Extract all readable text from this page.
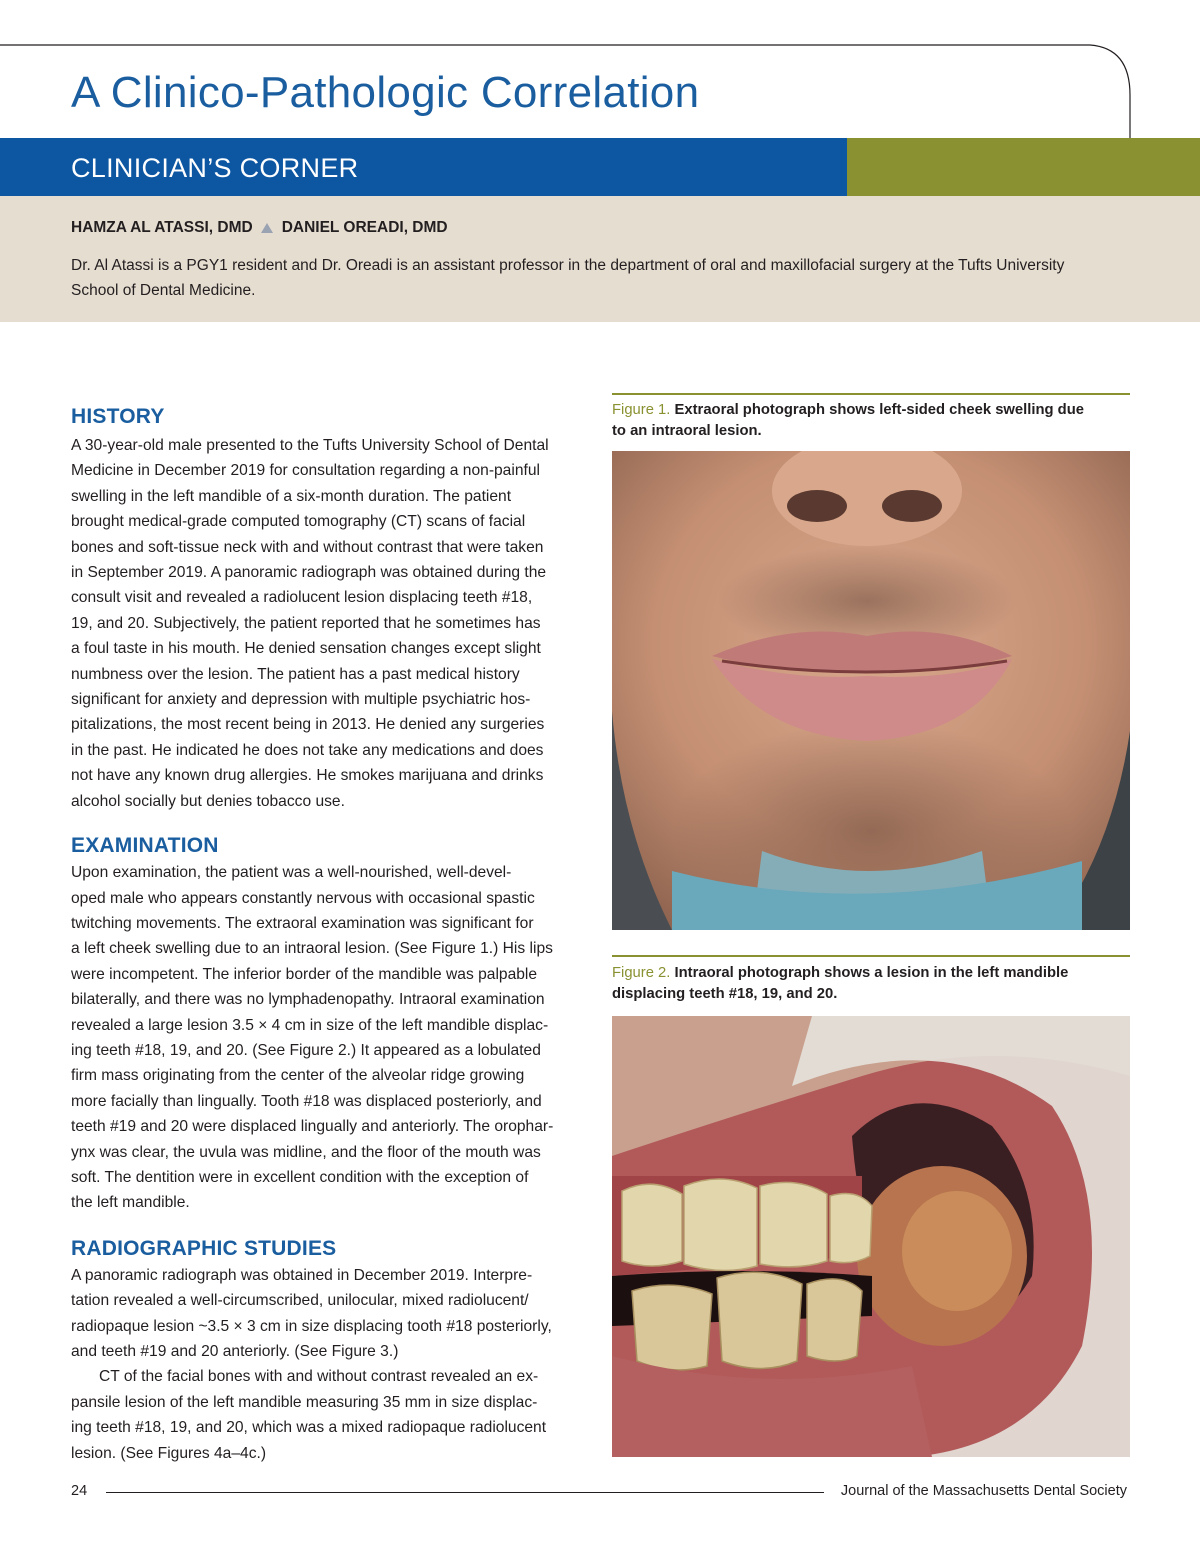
A Clinico-Pathologic Correlation
CLINICIAN’S CORNER
HAMZA AL ATASSI, DMD DANIEL OREADI, DMD
Dr. Al Atassi is a PGY1 resident and Dr. Oreadi is an assistant professor in the department of oral and maxillofacial surgery at the Tufts University
School of Dental Medicine.
HISTORY

A 30-year-old male presented to the Tufts University School of Dental
Medicine in December 2019 for consultation regarding a non-painful
swelling in the left mandible of a six-month duration. The patient
brought medical-grade computed tomography (CT) scans of facial
bones and soft-tissue neck with and without contrast that were taken
in September 2019. A panoramic radiograph was obtained during the
consult visit and revealed a radiolucent lesion displacing teeth #18,
19, and 20. Subjectively, the patient reported that he sometimes has
a foul taste in his mouth. He denied sensation changes except slight
numbness over the lesion. The patient has a past medical history
significant for anxiety and depression with multiple psychiatric hos-
pitalizations, the most recent being in 2013. He denied any surgeries
in the past. He indicated he does not take any medications and does
not have any known drug allergies. He smokes marijuana and drinks
alcohol socially but denies tobacco use.

EXAMINATION

Upon examination, the patient was a well-nourished, well-devel-
oped male who appears constantly nervous with occasional spastic
twitching movements. The extraoral examination was significant for
a left cheek swelling due to an intraoral lesion. (See Figure 1.) His lips
were incompetent. The inferior border of the mandible was palpable
bilaterally, and there was no lymphadenopathy. Intraoral examination
revealed a large lesion 3.5 × 4 cm in size of the left mandible displac-
ing teeth #18, 19, and 20. (See Figure 2.) It appeared as a lobulated
firm mass originating from the center of the alveolar ridge growing
more facially than lingually. Tooth #18 was displaced posteriorly, and
teeth #19 and 20 were displaced lingually and anteriorly. The orophar-
ynx was clear, the uvula was midline, and the floor of the mouth was
soft. The dentition were in excellent condition with the exception of
the left mandible.

RADIOGRAPHIC STUDIES

A panoramic radiograph was obtained in December 2019. Interpre-
tation revealed a well-circumscribed, unilocular, mixed radiolucent/
radiopaque lesion ~3.5 × 3 cm in size displacing tooth #18 posteriorly,
and teeth #19 and 20 anteriorly. (See Figure 3.)
CT of the facial bones with and without contrast revealed an ex-
pansile lesion of the left mandible measuring 35 mm in size displac-
ing teeth #18, 19, and 20, which was a mixed radiopaque radiolucent
lesion. (See Figures 4a–4c.)

Figure 1. Extraoral photograph shows left-sided cheek swelling due
to an intraoral lesion.
Figure 2. Intraoral photograph shows a lesion in the left mandible
displacing teeth #18, 19, and 20.
24	Journal of the Massachusetts Dental Society
